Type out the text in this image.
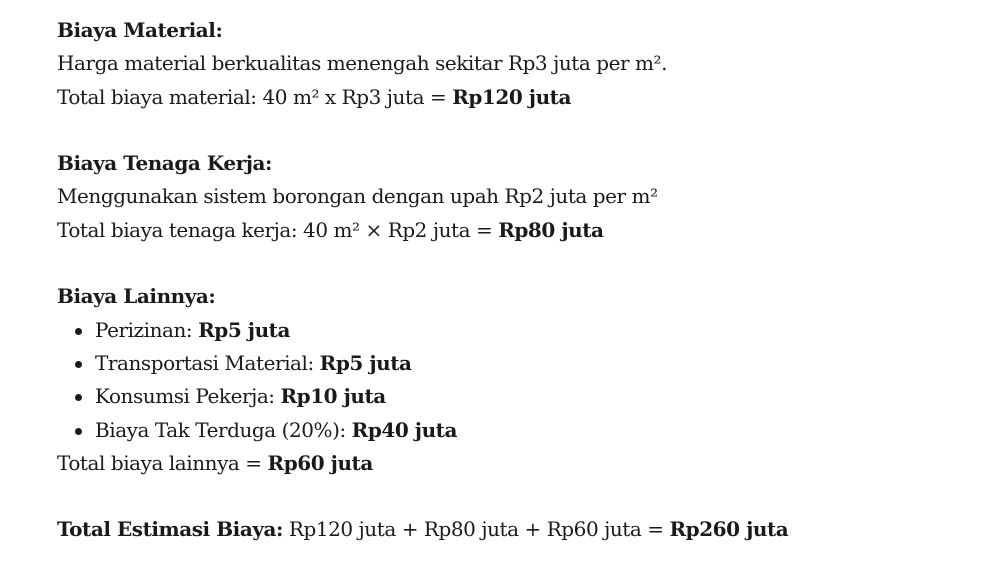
Biaya Material:
Harga material berkualitas menengah sekitar Rp3 juta per m².
Total biaya material: 40 m² x Rp3 juta = Rp120 juta
Biaya Tenaga Kerja:
Menggunakan sistem borongan dengan upah Rp2 juta per m²
Total biaya tenaga kerja: 40 m² × Rp2 juta = Rp80 juta
Biaya Lainnya:
Perizinan: Rp5 juta
Transportasi Material: Rp5 juta
Konsumsi Pekerja: Rp10 juta
Biaya Tak Terduga (20%): Rp40 juta
Total biaya lainnya = Rp60 juta
Total Estimasi Biaya: Rp120 juta + Rp80 juta + Rp60 juta = Rp260 juta
